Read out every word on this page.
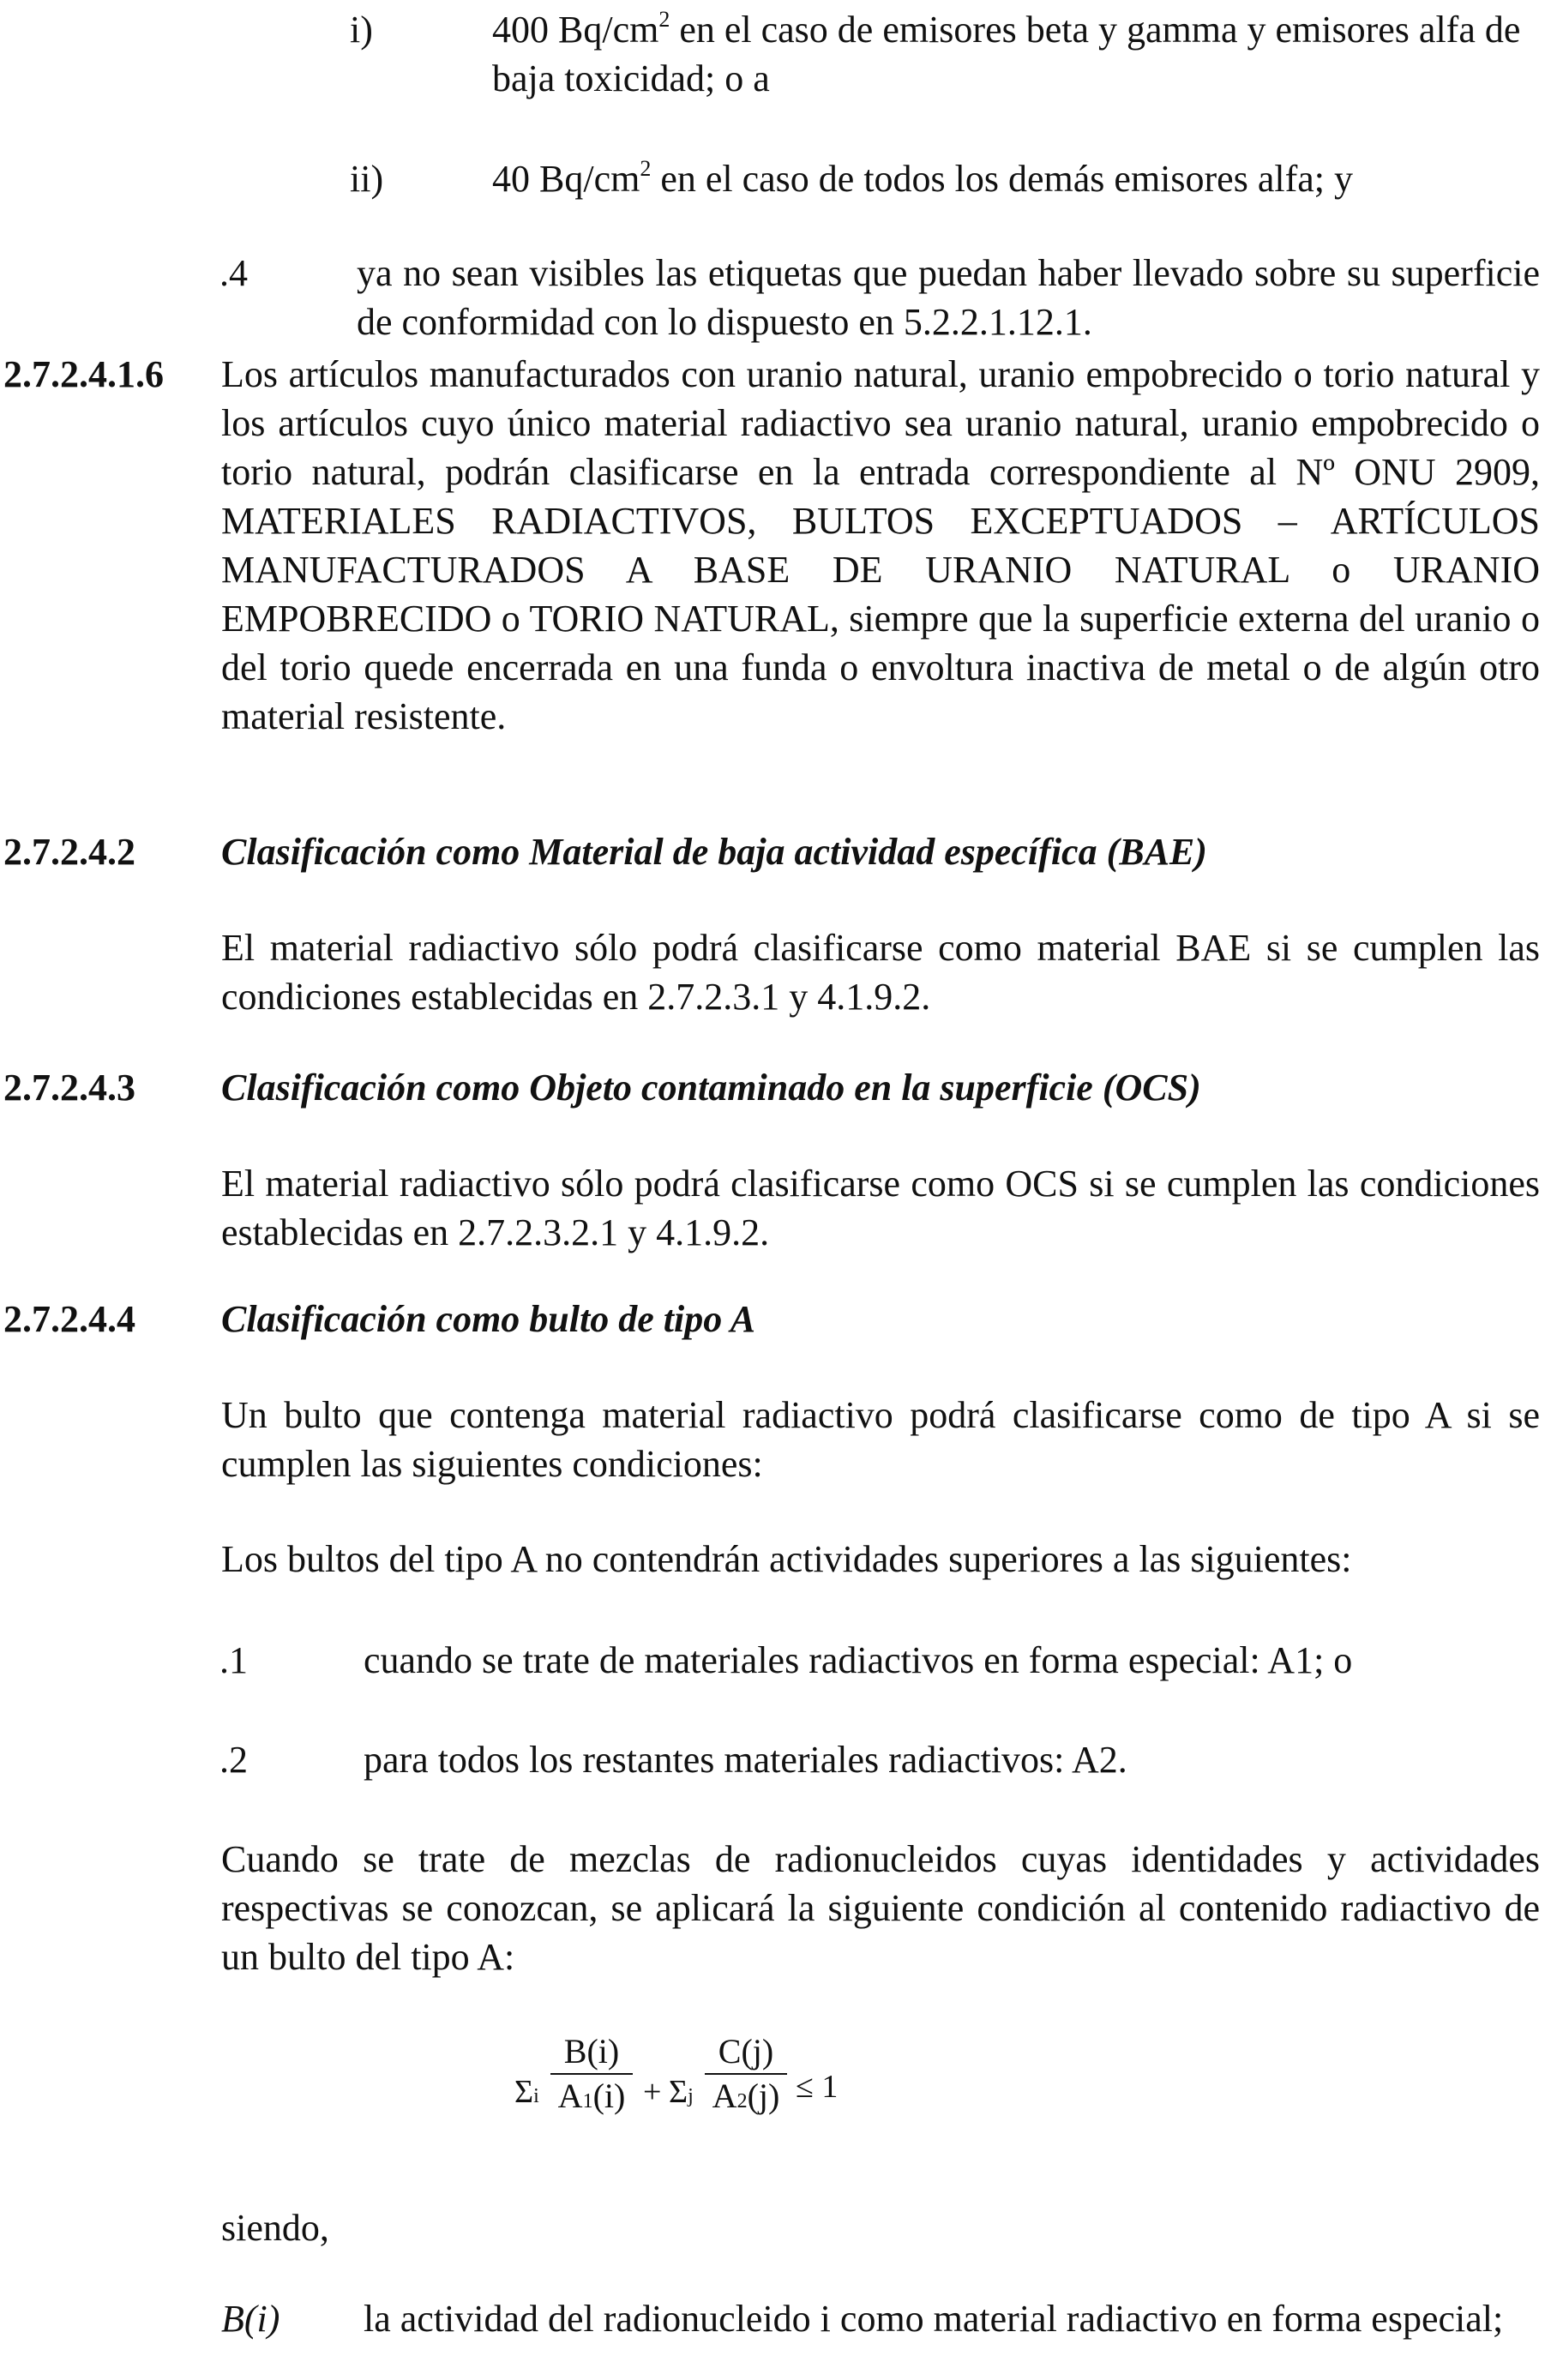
i)	400 $Bq/cm^2$ en el caso de emisores beta y gamma y emisores alfa de baja toxicidad; o a
ii)	40 $Bq/cm^2$ en el caso de todos los demás emisores alfa; y
.4	ya no sean visibles las etiquetas que puedan haber llevado sobre su superficie de conformidad con lo dispuesto en 5.2.2.1.12.1.
2.7.2.4.1.6 Los artículos manufacturados con uranio natural, uranio empobrecido o torio natural y los artículos cuyo único material radiactivo sea uranio natural, uranio empobrecido o torio natural, podrán clasificarse en la entrada correspondiente al Nº ONU 2909, MATERIALES RADIACTIVOS, BULTOS EXCEPTUADOS – ARTÍCULOS MANUFACTURADOS A BASE DE URANIO NATURAL o URANIO EMPOBRECIDO o TORIO NATURAL, siempre que la superficie externa del uranio o del torio quede encerrada en una funda o envoltura inactiva de metal o de algún otro material resistente.
2.7.2.4.2 Clasificación como Material de baja actividad específica (BAE)
El material radiactivo sólo podrá clasificarse como material BAE si se cumplen las condiciones establecidas en 2.7.2.3.1 y 4.1.9.2.
2.7.2.4.3 Clasificación como Objeto contaminado en la superficie (OCS)
El material radiactivo sólo podrá clasificarse como OCS si se cumplen las condiciones establecidas en 2.7.2.3.2.1 y 4.1.9.2.
2.7.2.4.4 Clasificación como bulto de tipo A
Un bulto que contenga material radiactivo podrá clasificarse como de tipo A si se cumplen las siguientes condiciones:
Los bultos del tipo A no contendrán actividades superiores a las siguientes:
.1	cuando se trate de materiales radiactivos en forma especial: A1; o
.2	para todos los restantes materiales radiactivos: A2.
Cuando se trate de mezclas de radionucleidos cuyas identidades y actividades respectivas se conozcan, se aplicará la siguiente condición al contenido radiactivo de un bulto del tipo A:
Σi
B(i)
A1(i) + Σj
C(j)
A2(j) ≤ 1
siendo,
B(i) la actividad del radionucleido i como material radiactivo en forma especial;
